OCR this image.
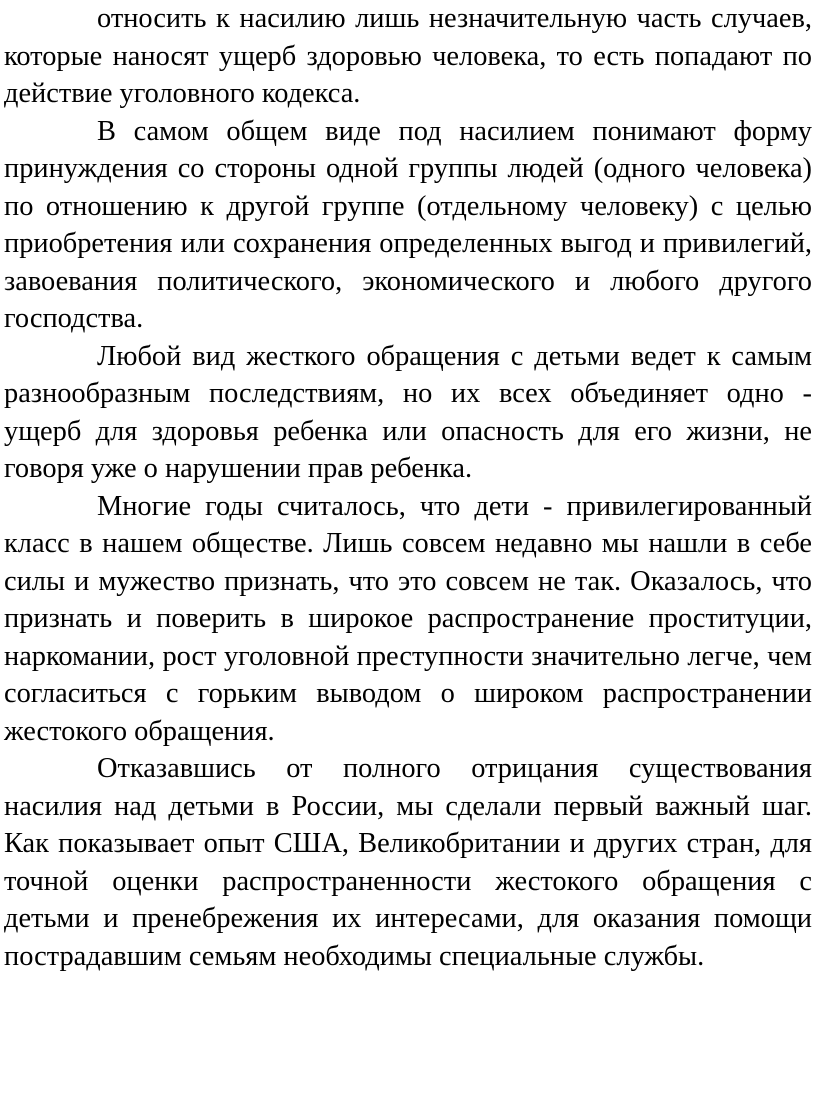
относить к насилию лишь незначительную часть случаев, которые наносят ущерб здоровью человека, то есть попадают по действие уголовного кодекса.

В самом общем виде под насилием понимают форму принуждения со стороны одной группы людей (одного человека) по отношению к другой группе (отдельному человеку) с целью приобретения или сохранения определенных выгод и привилегий, завоевания политического, экономического и любого другого господства.

Любой вид жесткого обращения с детьми ведет к самым разнообразным последствиям, но их всех объединяет одно - ущерб для здоровья ребенка или опасность для его жизни, не говоря уже о нарушении прав ребенка.

Многие годы считалось, что дети - привилегированный класс в нашем обществе. Лишь совсем недавно мы нашли в себе силы и мужество признать, что это совсем не так. Оказалось, что признать и поверить в широкое распространение проституции, наркомании, рост уголовной преступности значительно легче, чем согласиться с горьким выводом о широком распространении жестокого обращения.

Отказавшись от полного отрицания существования насилия над детьми в России, мы сделали первый важный шаг. Как показывает опыт США, Великобритании и других стран, для точной оценки распространенности жестокого обращения с детьми и пренебрежения их интересами, для оказания помощи пострадавшим семьям необходимы специальные службы.
